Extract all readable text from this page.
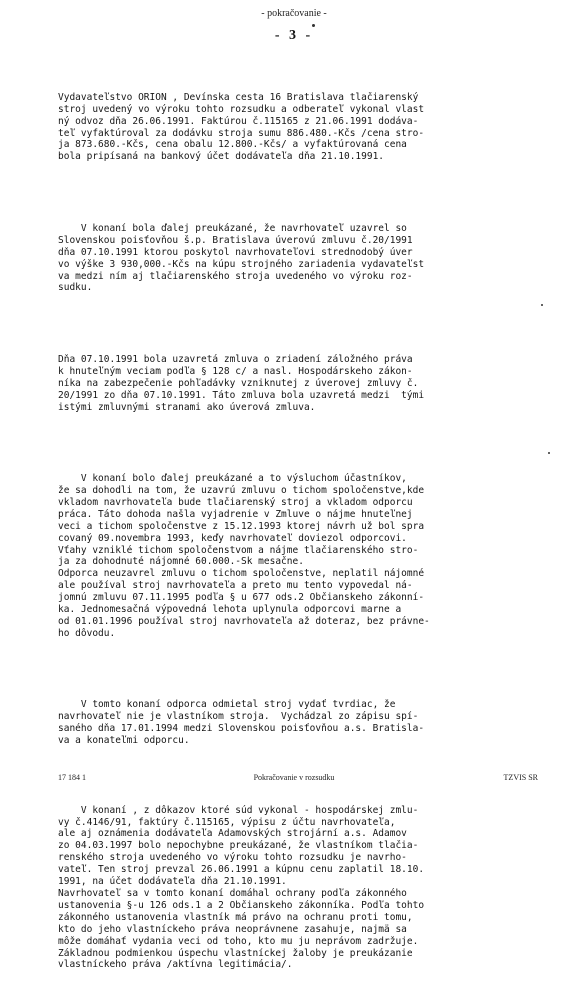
- pokračovanie -
- 3 -

Vydavateľstvo ORION , Devínska cesta 16 Bratislava tlačiarenský
stroj uvedený vo výroku tohto rozsudku a odberateľ vykonal vlast
ný odvoz dňa 26.06.1991. Faktúrou č.115165 z 21.06.1991 dodáva-
teľ vyfaktúroval za dodávku stroja sumu 886.480.-Kčs /cena stro-
ja 873.680.-Kčs, cena obalu 12.800.-Kčs/ a vyfaktúrovaná cena
bola pripísaná na bankový účet dodávateľa dňa 21.10.1991.

V konaní bola ďalej preukázané, že navrhovateľ uzavrel so
Slovenskou poisťovňou š.p. Bratislava úverovú zmluvu č.20/1991
dňa 07.10.1991 ktorou poskytol navrhovateľovi strednodobý úver
vo výške 3 930,000.-Kčs na kúpu strojného zariadenia vydavateľst
va medzi ním aj tlačiarenského stroja uvedeného vo výroku roz-
sudku.

Dňa 07.10.1991 bola uzavretá zmluva o zriadení záložného práva
k hnuteľným veciam podľa § 128 c/ a nasl. Hospodárskeho zákon-
níka na zabezpečenie pohľadávky vzniknutej z úverovej zmluvy č.
20/1991 zo dňa 07.10.1991. Táto zmluva bola uzavretá medzi  tými
istými zmluvnými stranami ako úverová zmluva.

V konaní bolo ďalej preukázané a to výsluchom účastníkov,
že sa dohodli na tom, že uzavrú zmluvu o tichom spoločenstve,kde
vkladom navrhovateľa bude tlačiarenský stroj a vkladom odporcu
práca. Táto dohoda našla vyjadrenie v Zmluve o nájme hnuteľnej
veci a tichom spoločenstve z 15.12.1993 ktorej návrh už bol spra
covaný 09.novembra 1993, keďy navrhovateľ doviezol odporcovi.
Vťahy vzniklé tichom spoločenstvom a nájme tlačiarenského stro-
ja za dohodnuté nájomné 60.000.-Sk mesačne.
Odporca neuzavrel zmluvu o tichom spoločenstve, neplatil nájomné
ale používal stroj navrhovateľa a preto mu tento vypovedal ná-
jomnú zmluvu 07.11.1995 podľa § u 677 ods.2 Občianskeho zákonní-
ka. Jednomesačná výpovedná lehota uplynula odporcovi marne a
od 01.01.1996 používal stroj navrhovateľa až doteraz, bez právne-
ho dôvodu.

V tomto konaní odporca odmietal stroj vydať tvrdiac, že
navrhovateľ nie je vlastníkom stroja.  Vychádzal zo zápisu spí-
saného dňa 17.01.1994 medzi Slovenskou poisťovňou a.s. Bratisla-
va a konateľmi odporcu.

V konaní , z dôkazov ktoré súd vykonal - hospodárskej zmlu-
vy č.4146/91, faktúry č.115165, výpisu z účtu navrhovateľa,
ale aj oznámenia dodávateľa Adamovských strojární a.s. Adamov
zo 04.03.1997 bolo nepochybne preukázané, že vlastníkom tlačia-
renského stroja uvedeného vo výroku tohto rozsudku je navrho-
vateľ. Ten stroj prevzal 26.06.1991 a kúpnu cenu zaplatil 18.10.
1991, na účet dodávateľa dňa 21.10.1991.
Navrhovateľ sa v tomto konaní domáhal ochrany podľa zákonného
ustanovenia §-u 126 ods.1 a 2 Občianskeho zákonníka. Podľa tohto
zákonného ustanovenia vlastník má právo na ochranu proti tomu,
kto do jeho vlastníckeho práva neoprávnene zasahuje, najmä sa
môže domáhať vydania veci od toho, kto mu ju neprávom zadržuje.
Základnou podmienkou úspechu vlastníckej žaloby je preukázanie
vlastníckeho práva /aktívna legitimácia/.

17 184 1	Pokračovanie v rozsudku	TZVIS SR
